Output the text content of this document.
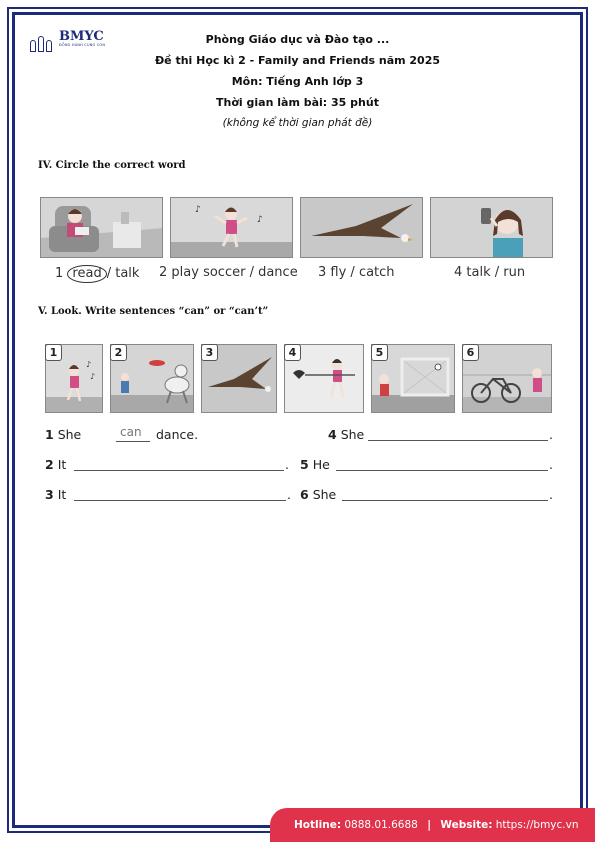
BMYC
ĐỒNG HÀNH CÙNG CON	Phòng Giáo dục và Đào tạo ...
Đề thi Học kì 2 - Family and Friends năm 2025
Môn: Tiếng Anh lớp 3
Thời gian làm bài: 35 phút
(không kể thời gian phát đề)
IV. Circle the correct word
♪
♪
1 read / talk 2 play soccer / dance 3 fly / catch	4 talk / run
V. Look. Write sentences “can” or “can’t”
♪
♪
1	2	3	4	5	6
1 She	can dance.
2 It	.
3 It	.
4 She	.
5 He	.
6 She	.
Hotline: 0888.01.6688 | Website: https://bmyc.vn
